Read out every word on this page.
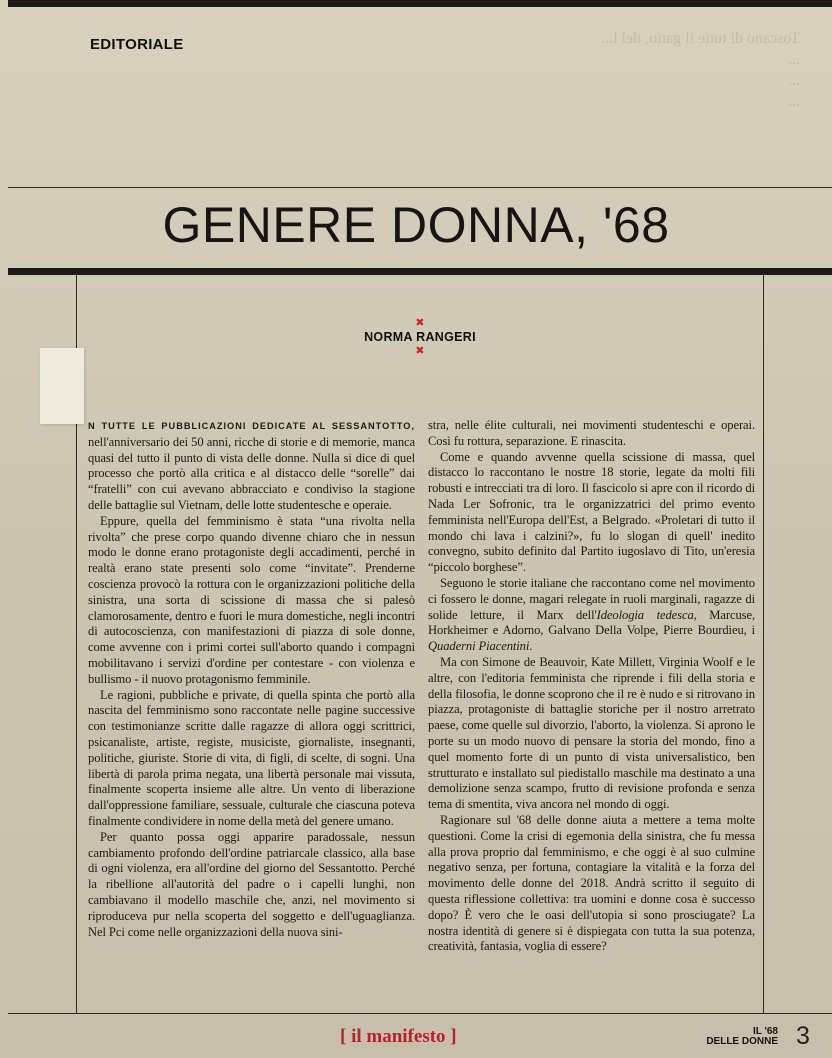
EDITORIALE	Toscano di tutte il gatto, del l...
...
...
...
GENERE DONNA, '68
✖
NORMA RANGERI
✖

N TUTTE LE PUBBLICAZIONI DEDICATE AL SESSANTOTTO, nell'anniversario dei 50 anni, ricche di storie e di memorie, manca quasi del tutto il punto di vista delle donne. Nulla si dice di quel processo che portò alla critica e al distacco delle “sorelle” dai “fratelli” con cui avevano abbracciato e condiviso la stagione delle battaglie sul Vietnam, delle lotte studentesche e operaie.

Eppure, quella del femminismo è stata “una rivolta nella rivolta” che prese corpo quando divenne chiaro che in nessun modo le donne erano protagoniste degli accadimenti, perché in realtà erano state presenti solo come “invitate”. Prenderne coscienza provocò la rottura con le organizzazioni politiche della sinistra, una sorta di scissione di massa che si palesò clamorosamente, dentro e fuori le mura domestiche, negli incontri di autocoscienza, con manifestazioni di piazza di sole donne, come avvenne con i primi cortei sull'aborto quando i compagni mobilitavano i servizi d'ordine per contestare - con violenza e bullismo - il nuovo protagonismo femminile.

Le ragioni, pubbliche e private, di quella spinta che portò alla nascita del femminismo sono raccontate nelle pagine successive con testimonianze scritte dalle ragazze di allora oggi scrittrici, psicanaliste, artiste, registe, musiciste, giornaliste, insegnanti, politiche, giuriste. Storie di vita, di figli, di scelte, di sogni. Una libertà di parola prima negata, una libertà personale mai vissuta, finalmente scoperta insieme alle altre. Un vento di liberazione dall'oppressione familiare, sessuale, culturale che ciascuna poteva finalmente condividere in nome della metà del genere umano.

Per quanto possa oggi apparire paradossale, nessun cambiamento profondo dell'ordine patriarcale classico, alla base di ogni violenza, era all'ordine del giorno del Sessantotto. Perché la ribellione all'autorità del padre o i capelli lunghi, non cambiavano il modello maschile che, anzi, nel movimento si riproduceva pur nella scoperta del soggetto e dell'uguaglianza. Nel Pci come nelle organizzazioni della nuova sini-

stra, nelle élite culturali, nei movimenti studenteschi e operai. Così fu rottura, separazione. E rinascita.

Come e quando avvenne quella scissione di massa, quel distacco lo raccontano le nostre 18 storie, legate da molti fili robusti e intrecciati tra di loro. Il fascicolo si apre con il ricordo di Nada Ler Sofronic, tra le organizzatrici del primo evento femminista nell'Europa dell'Est, a Belgrado. «Proletari di tutto il mondo chi lava i calzini?», fu lo slogan di quell' inedito convegno, subito definito dal Partito iugoslavo di Tito, un'eresia “piccolo borghese”.

Seguono le storie italiane che raccontano come nel movimento ci fossero le donne, magari relegate in ruoli marginali, ragazze di solide letture, il Marx dell'Ideologia tedesca, Marcuse, Horkheimer e Adorno, Galvano Della Volpe, Pierre Bourdieu, i Quaderni Piacentini.

Ma con Simone de Beauvoir, Kate Millett, Virginia Woolf e le altre, con l'editoria femminista che riprende i fili della storia e della filosofia, le donne scoprono che il re è nudo e si ritrovano in piazza, protagoniste di battaglie storiche per il nostro arretrato paese, come quelle sul divorzio, l'aborto, la violenza. Si aprono le porte su un modo nuovo di pensare la storia del mondo, fino a quel momento forte di un punto di vista universalistico, ben strutturato e installato sul piedistallo maschile ma destinato a una demolizione senza scampo, frutto di revisione profonda e senza tema di smentita, viva ancora nel mondo di oggi.

Ragionare sul '68 delle donne aiuta a mettere a tema molte questioni. Come la crisi di egemonia della sinistra, che fu messa alla prova proprio dal femminismo, e che oggi è al suo culmine negativo senza, per fortuna, contagiare la vitalità e la forza del movimento delle donne del 2018. Andrà scritto il seguito di questa riflessione collettiva: tra uomini e donne cosa è successo dopo? È vero che le oasi dell'utopia si sono prosciugate? La nostra identità di genere si è dispiegata con tutta la sua potenza, creatività, fantasia, voglia di essere?

[ il manifesto ]	IL '68
DELLE DONNE 3
